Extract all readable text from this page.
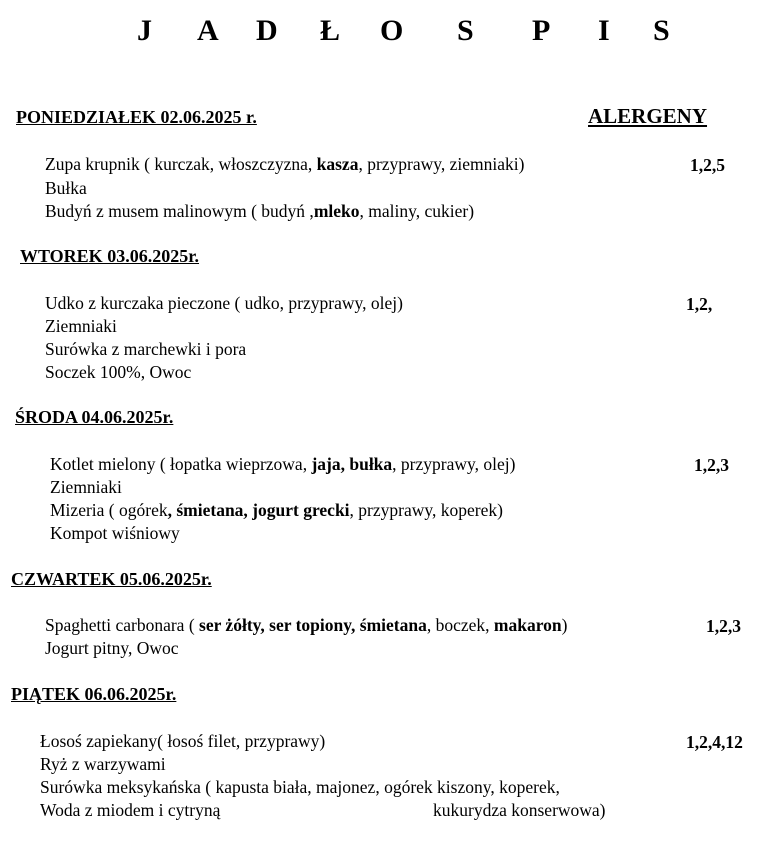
J A D Ł O S P I S
ALERGENY
PONIEDZIAŁEK 02.06.2025 r.
Zupa krupnik ( kurczak, włoszczyzna, kasza, przyprawy, ziemniaki)
Bułka
Budyń z musem malinowym ( budyń ,mleko, maliny, cukier)
1,2,5
WTOREK 03.06.2025r.
Udko z kurczaka pieczone ( udko, przyprawy, olej)
Ziemniaki
Surówka z marchewki i pora
Soczek 100%, Owoc
1,2,
ŚRODA 04.06.2025r.
Kotlet mielony ( łopatka wieprzowa, jaja, bułka, przyprawy, olej)
Ziemniaki
Mizeria ( ogórek, śmietana, jogurt grecki, przyprawy, koperek)
Kompot wiśniowy
1,2,3
CZWARTEK 05.06.2025r.
Spaghetti carbonara ( ser żółty, ser topiony, śmietana, boczek, makaron)
Jogurt pitny, Owoc
1,2,3
PIĄTEK 06.06.2025r.
Łosoś zapiekany( łosoś filet, przyprawy)
Ryż z warzywami
Surówka meksykańska ( kapusta biała, majonez, ogórek kiszony, koperek,
Woda z miodem i cytryną	kukurydza konserwowa)
1,2,4,12
